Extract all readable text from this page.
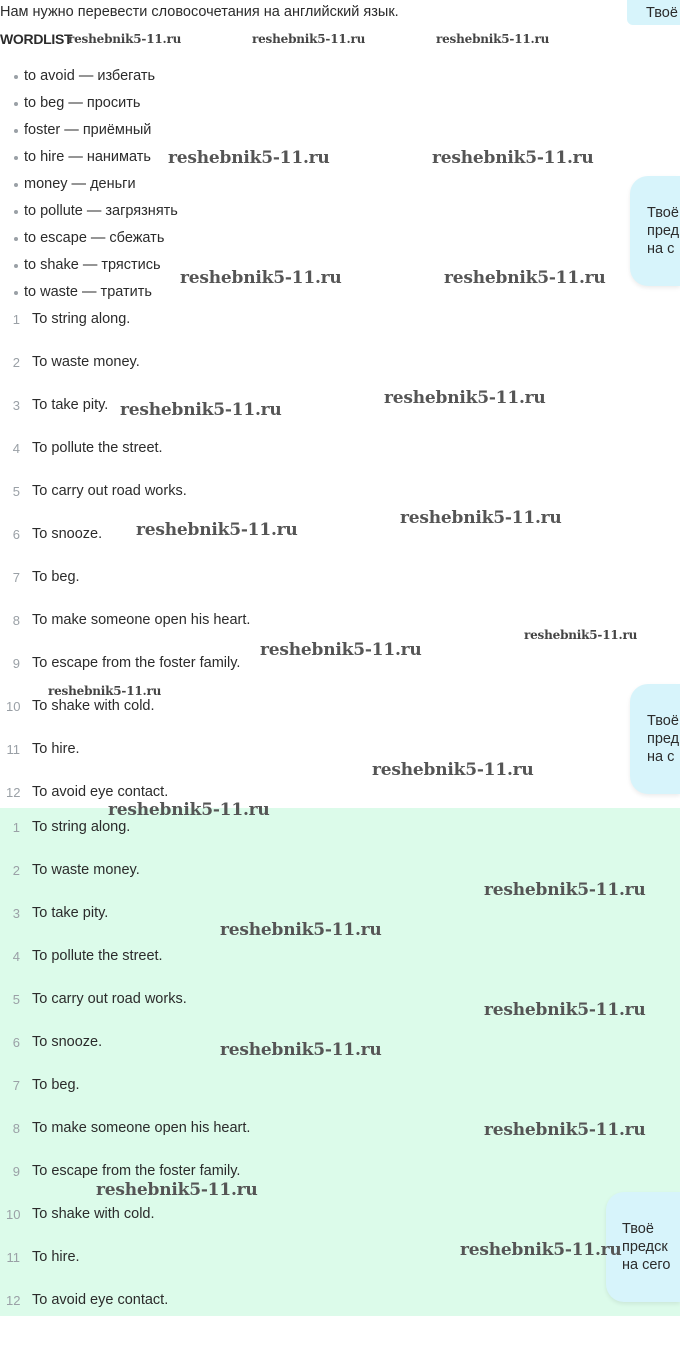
Нам нужно перевести словосочетания на английский язык.
WORDLIST
to avoid — избегать
to beg — просить
foster — приёмный
to hire — нанимать
money — деньги
to pollute — загрязнять
to escape — сбежать
to shake — трястись
to waste — тратить
1 To string along.
2 To waste money.
3 To take pity.
4 To pollute the street.
5 To carry out road works.
6 To snooze.
7 To beg.
8 To make someone open his heart.
9 To escape from the foster family.
10 To shake with cold.
11 To hire.
12 To avoid eye contact.
1 To string along.
2 To waste money.
3 To take pity.
4 To pollute the street.
5 To carry out road works.
6 To snooze.
7 To beg.
8 To make someone open his heart.
9 To escape from the foster family.
10 To shake with cold.
11 To hire.
12 To avoid eye contact.
Твоё
Твоё
пред
на с
Твоё
пред
на с
Твоё
предск
на сего
reshebnik5-11.ru	reshebnik5-11.ru	reshebnik5-11.ru
reshebnik5-11.ru	reshebnik5-11.ru
reshebnik5-11.ru	reshebnik5-11.ru
reshebnik5-11.ru
reshebnik5-11.ru
reshebnik5-11.ru
reshebnik5-11.ru
reshebnik5-11.ru
reshebnik5-11.ru
reshebnik5-11.ru
reshebnik5-11.ru
reshebnik5-11.ru
reshebnik5-11.ru
reshebnik5-11.ru
reshebnik5-11.ru
reshebnik5-11.ru
reshebnik5-11.ru
reshebnik5-11.ru
reshebnik5-11.ru
